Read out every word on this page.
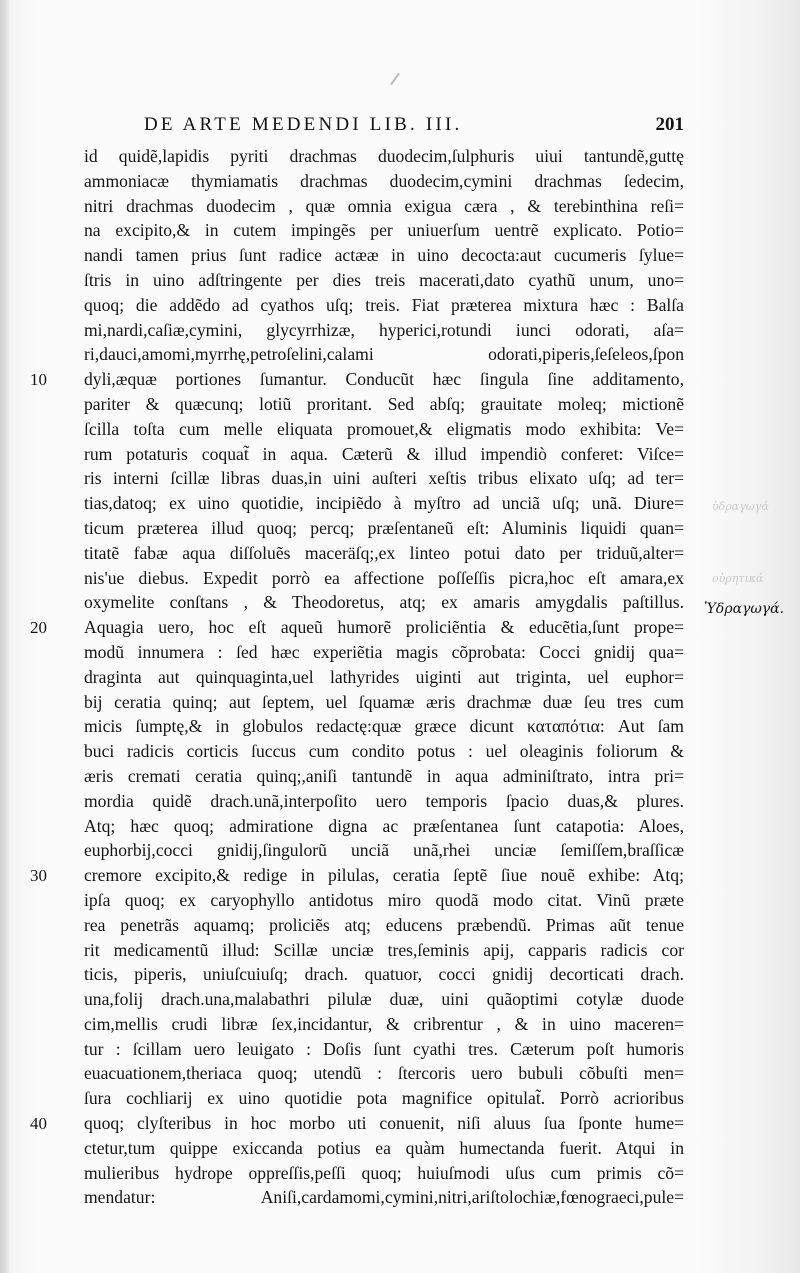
DE ARTE MEDENDI LIB. III.	201
id quidẽ,lapidis pyriti drachmas duodecim,ſulphuris uiui tantundẽ,guttę
ammoniacæ thymiamatis drachmas duodecim,cymini drachmas ſedecim,
nitri drachmas duodecim , quæ omnia exigua cæra , & terebinthina reſi=
na excipito,& in cutem impingẽs per uniuerſum uentrẽ explicato. Potio=
nandi tamen prius ſunt radice actææ in uino decocta:aut cucumeris ſylue=
ſtris in uino adſtringente per dies treis macerati,dato cyathũ unum, uno=
quoq; die addẽdo ad cyathos uſq; treis. Fiat præterea mixtura hæc : Balſa
mi,nardi,caſiæ,cymini, glycyrrhizæ, hyperici,rotundi iunci odorati, aſa=
ri,dauci,amomi,myrrhę,petroſelini,calami odorati,piperis,ſeſeleos,ſpon
dyli,æquæ portiones ſumantur. Conducũt hæc ſingula ſine additamento,
pariter & quæcunq; lotiũ proritant. Sed abſq; grauitate moleq; mictionẽ
ſcilla toſta cum melle eliquata promouet,& eligmatis modo exhibita: Ve=
rum potaturis coquat̃ in aqua. Cæterũ & illud impendiò conferet: Viſce=
ris interni ſcillæ libras duas,in uini auſteri xeſtis tribus elixato uſq; ad ter=
tias,datoq; ex uino quotidie, incipiẽdo à myſtro ad unciã uſq; unã. Diure=
ticum præterea illud quoq; percq; præſentaneũ eſt: Aluminis liquidi quan=
titatẽ fabæ aqua diſſoluẽs maceräſq;,ex linteo potui dato per triduũ,alter=
nis'ue diebus. Expedit porrò ea affectione poſſeſſis picra,hoc eſt amara,ex
oxymelite conſtans , & Theodoretus, atq; ex amaris amygdalis paſtillus.
Aquagia uero, hoc eſt aqueũ humorẽ proliciẽntia & educẽtia,ſunt prope=
modũ innumera : ſed hæc experiẽtia magis cõprobata: Cocci gnidij qua=
draginta aut quinquaginta,uel lathyrides uiginti aut triginta, uel euphor=
bij ceratia quinq; aut ſeptem, uel ſquamæ æris drachmæ duæ ſeu tres cum
micis ſumptę,& in globulos redactę:quæ græce dicunt καταπότια: Aut ſam
buci radicis corticis ſuccus cum condito potus : uel oleaginis foliorum &
æris cremati ceratia quinq;,aniſi tantundẽ in aqua adminiſtrato, intra pri=
mordia quidẽ drach.unã,interpoſito uero temporis ſpacio duas,& plures.
Atq; hæc quoq; admiratione digna ac præſentanea ſunt catapotia: Aloes,
euphorbij,cocci gnidij,ſingulorũ unciã unã,rhei unciæ ſemiſſem,braſſicæ
cremore excipito,& redige in pilulas, ceratia ſeptẽ ſiue nouẽ exhibe: Atq;
ipſa quoq; ex caryophyllo antidotus miro quodã modo citat. Vinũ præte
rea penetrãs aquamq; proliciẽs atq; educens præbendũ. Primas aũt tenue
rit medicamentũ illud: Scillæ unciæ tres,ſeminis apij, capparis radicis cor
ticis, piperis, uniuſcuiuſq; drach. quatuor, cocci gnidij decorticati drach.
una,folij drach.una,malabathri pilulæ duæ, uini quãoptimi cotylæ duode
cim,mellis crudi libræ ſex,incidantur, & cribrentur , & in uino maceren=
tur : ſcillam uero leuigato : Doſis ſunt cyathi tres. Cæterum poſt humoris
euacuationem,theriaca quoq; utendũ : ſtercoris uero bubuli cõbuſti men=
ſura cochliarij ex uino quotidie pota magnifice opitulat̃. Porrò acrioribus
quoq; clyſteribus in hoc morbo uti conuenit, niſi aluus ſua ſponte hume=
ctetur,tum quippe exiccanda potius ea quàm humectanda fuerit. Atqui in
mulieribus hydrope oppreſſis,peſſi quoq; huiuſmodi uſus cum primis cõ=
mendatur: Aniſi,cardamomi,cymini,nitri,ariſtolochiæ,fœnograeci,pule=
10
20
30
40
ὑδραγωγά
οὐρητικά
Ὑδραγωγά.
